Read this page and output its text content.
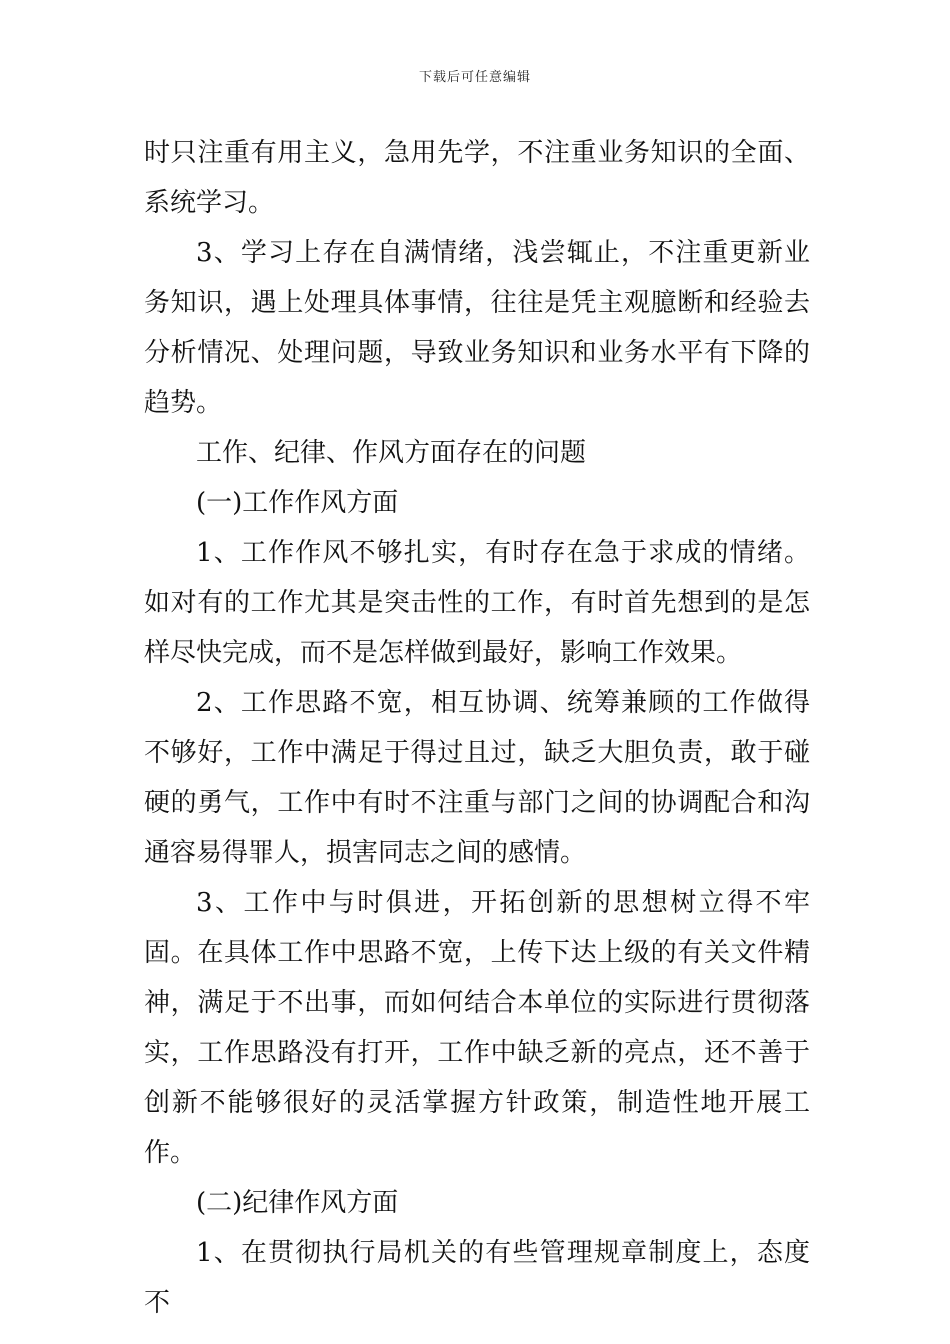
下载后可任意编辑

时只注重有用主义，急用先学，不注重业务知识的全面、系统学习。

3、学习上存在自满情绪，浅尝辄止，不注重更新业务知识，遇上处理具体事情，往往是凭主观臆断和经验去分析情况、处理问题，导致业务知识和业务水平有下降的趋势。

工作、纪律、作风方面存在的问题

(一)工作作风方面

1、工作作风不够扎实，有时存在急于求成的情绪。如对有的工作尤其是突击性的工作，有时首先想到的是怎样尽快完成，而不是怎样做到最好，影响工作效果。

2、工作思路不宽，相互协调、统筹兼顾的工作做得不够好，工作中满足于得过且过，缺乏大胆负责，敢于碰硬的勇气，工作中有时不注重与部门之间的协调配合和沟通容易得罪人，损害同志之间的感情。

3、工作中与时俱进，开拓创新的思想树立得不牢固。在具体工作中思路不宽，上传下达上级的有关文件精神，满足于不出事，而如何结合本单位的实际进行贯彻落实，工作思路没有打开，工作中缺乏新的亮点，还不善于创新不能够很好的灵活掌握方针政策，制造性地开展工作。

(二)纪律作风方面

1、在贯彻执行局机关的有些管理规章制度上，态度不
